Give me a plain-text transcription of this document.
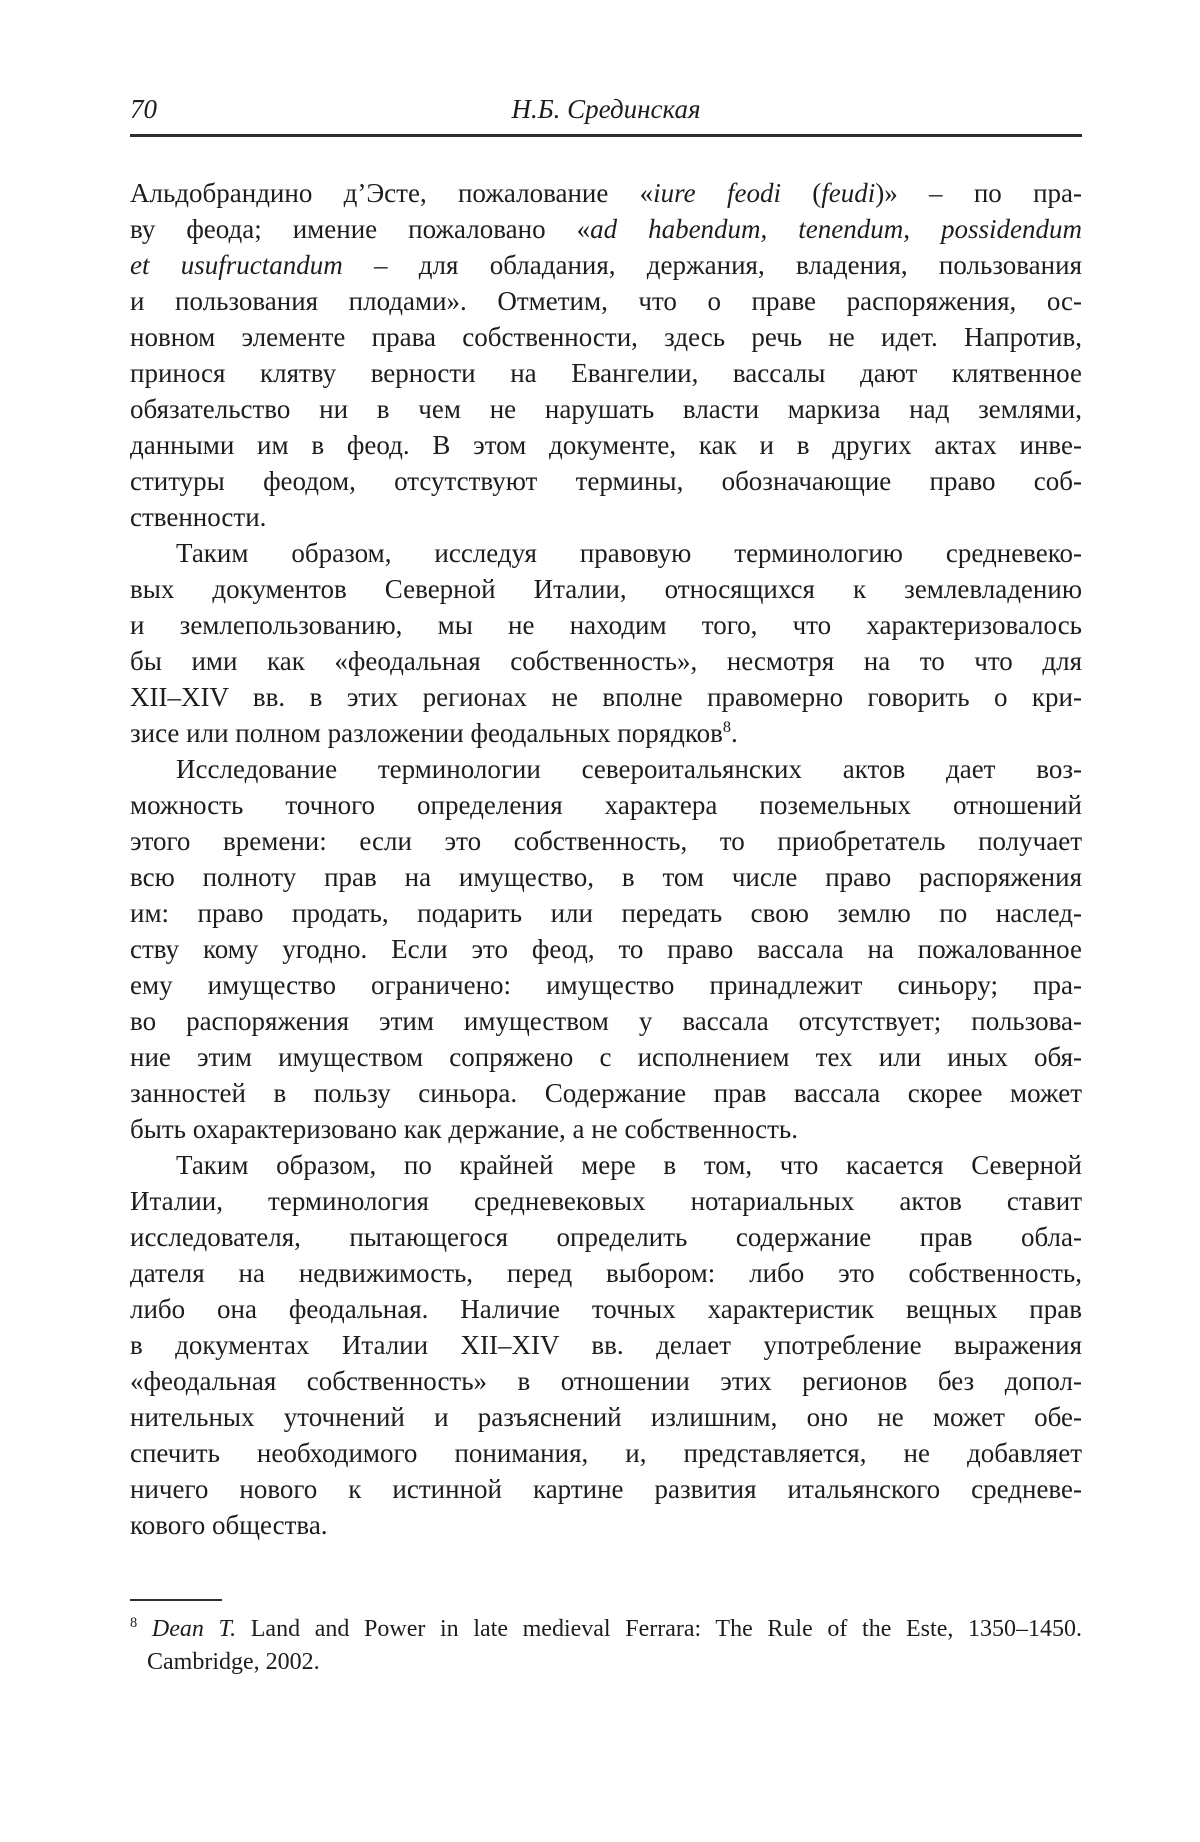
70	Н.Б. Срединская
Альдобрандино д’Эсте, пожалование «iure feodi (feudi)» – по пра-
ву феода; имение пожаловано «ad habendum, tenendum, possidendum
et usufructandum – для обладания, держания, владения, пользования
и пользования плодами». Отметим, что о праве распоряжения, ос-
новном элементе права собственности, здесь речь не идет. Напротив,
принося клятву верности на Евангелии, вассалы дают клятвенное
обязательство ни в чем не нарушать власти маркиза над землями,
данными им в феод. В этом документе, как и в других актах инве-
ституры феодом, отсутствуют термины, обозначающие право соб-
ственности.
Таким образом, исследуя правовую терминологию средневеко-
вых документов Северной Италии, относящихся к землевладению
и землепользованию, мы не находим того, что характеризовалось
бы ими как «феодальная собственность», несмотря на то что для
XII–XIV вв. в этих регионах не вполне правомерно говорить о кри-
зисе или полном разложении феодальных порядков$^8$.
Исследование терминологии североитальянских актов дает воз-
можность точного определения характера поземельных отношений
этого времени: если это собственность, то приобретатель получает
всю полноту прав на имущество, в том числе право распоряжения
им: право продать, подарить или передать свою землю по наслед-
ству кому угодно. Если это феод, то право вассала на пожалованное
ему имущество ограничено: имущество принадлежит синьору; пра-
во распоряжения этим имуществом у вассала отсутствует; пользова-
ние этим имуществом сопряжено с исполнением тех или иных обя-
занностей в пользу синьора. Содержание прав вассала скорее может
быть охарактеризовано как держание, а не собственность.
Таким образом, по крайней мере в том, что касается Северной
Италии, терминология средневековых нотариальных актов ставит
исследователя, пытающегося определить содержание прав обла-
дателя на недвижимость, перед выбором: либо это собственность,
либо она феодальная. Наличие точных характеристик вещных прав
в документах Италии XII–XIV вв. делает употребление выражения
«феодальная собственность» в отношении этих регионов без допол-
нительных уточнений и разъяснений излишним, оно не может обе-
спечить необходимого понимания, и, представляется, не добавляет
ничего нового к истинной картине развития итальянского средневе-
кового общества.
$^8$ Dean T. Land and Power in late medieval Ferrara: The Rule of the Este, 1350–1450.
Cambridge, 2002.
